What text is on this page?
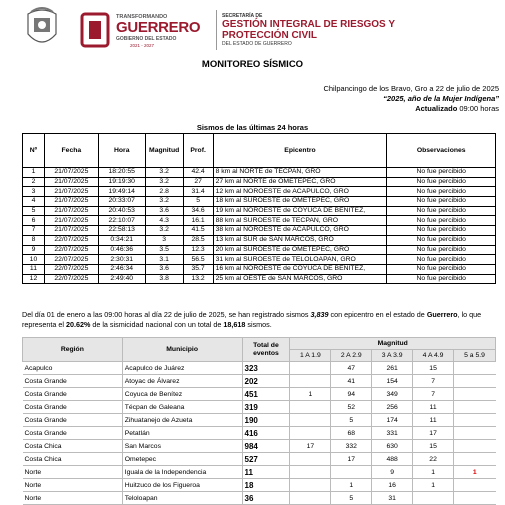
TRANSFORMANDO
GUERRERO
GOBIERNO DEL ESTADO
2021 - 2027
SECRETARÍA DE
GESTIÓN INTEGRAL DE RIESGOS Y
PROTECCIÓN CIVIL
DEL ESTADO DE GUERRERO
MONITOREO SÍSMICO
Chilpancingo de los Bravo, Gro a 22 de julio de 2025
“2025, año de la Mujer Indígena”
Actualizado 09:00 horas
Sismos de las últimas 24 horas
Nº	Fecha	Hora	Magnitud	Prof.	Epicentro	Observaciones
1	21/07/2025	18:20:55	3.2	42.4	8 km al NORTE de TECPAN, GRO	No fue percibido
2	21/07/2025	19:19:30	3.2	27	27 km al NORTE de OMETEPEC, GRO	No fue percibido
3	21/07/2025	19:49:14	2.8	31.4	12 km al NOROESTE de ACAPULCO, GRO	No fue percibido
4	21/07/2025	20:33:07	3.2	5	18 km al SUROESTE de OMETEPEC, GRO	No fue percibido
5	21/07/2025	20:40:53	3.6	34.6	19 km al NOROESTE de COYUCA DE BENITEZ,	No fue percibido
6	21/07/2025	22:10:07	4.3	16.1	88 km al SUROESTE de TECPAN, GRO	No fue percibido
7	21/07/2025	22:58:13	3.2	41.5	38 km al NOROESTE de ACAPULCO, GRO	No fue percibido
8	22/07/2025	0:34:21	3	28.5	13 km al SUR de SAN MARCOS, GRO	No fue percibido
9	22/07/2025	0:46:36	3.5	12.3	20 km al SUROESTE de OMETEPEC, GRO	No fue percibido
10	22/07/2025	2:30:31	3.1	56.5	31 km al SUROESTE de TELOLOAPAN, GRO	No fue percibido
11	22/07/2025	2:46:34	3.6	35.7	16 km al NOROESTE de COYUCA DE BENITEZ,	No fue percibido
12	22/07/2025	2:49:40	3.8	13.2	25 km al OESTE de SAN MARCOS, GRO	No fue percibido
Del día 01 de enero a las 09:00 horas al día 22 de julio de 2025, se han registrado sismos 3,839 con epicentro en el estado de Guerrero, lo que representa el 20.62% de la sismicidad nacional con un total de 18,618 sismos.
Región	Municipio	Total de eventos	Magnitud				
			1 A 1.9	2 A 2.9	3 A 3.9	4 A 4.9	5 a 5.9
Acapulco	Acapulco de Juárez	323		47	261	15	
Costa Grande	Atoyac de Álvarez	202		41	154	7	
Costa Grande	Coyuca de Benítez	451	1	94	349	7	
Costa Grande	Técpan de Galeana	319		52	256	11	
Costa Grande	Zihuatanejo de Azueta	190		5	174	11	
Costa Grande	Petatlán	416		68	331	17	
Costa Chica	San Marcos	984	17	332	630	15	
Costa Chica	Ometepec	527		17	488	22	
Norte	Iguala de la Independencia	11			9	1	1
Norte	Huitzuco de los Figueroa	18		1	16	1	
Norte	Teloloapan	36		5	31		
